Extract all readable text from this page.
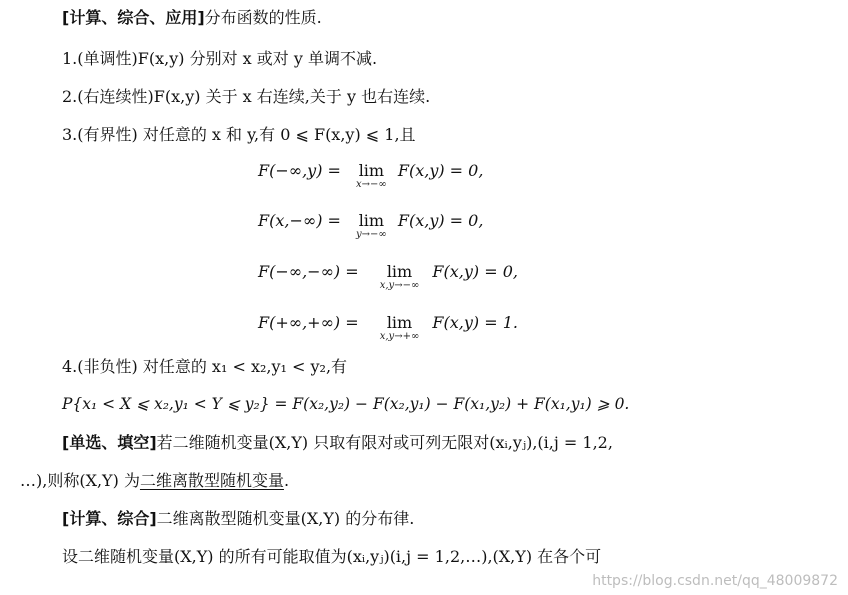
[计算、综合、应用]分布函数的性质.
1.(单调性)F(x,y) 分别对 x 或对 y 单调不减.
2.(右连续性)F(x,y) 关于 x 右连续,关于 y 也右连续.
3.(有界性) 对任意的 x 和 y,有 0 ⩽ F(x,y) ⩽ 1,且
F(−∞,y) = lim
x→−∞
F(x,y) = 0,
F(x,−∞) = lim
y→−∞
F(x,y) = 0,
F(−∞,−∞) =	lim
x,y→−∞
F(x,y) = 0,
F(+∞,+∞) =	lim
x,y→+∞
F(x,y) = 1.
4.(非负性) 对任意的 x₁ < x₂,y₁ < y₂,有
P{x₁ < X ⩽ x₂,y₁ < Y ⩽ y₂} = F(x₂,y₂) − F(x₂,y₁) − F(x₁,y₂) + F(x₁,y₁) ⩾ 0.
[单选、填空]若二维随机变量(X,Y) 只取有限对或可列无限对(xᵢ,yⱼ),(i,j = 1,2,
…),则称(X,Y) 为二维离散型随机变量.
[计算、综合]二维离散型随机变量(X,Y) 的分布律.
设二维随机变量(X,Y) 的所有可能取值为(xᵢ,yⱼ)(i,j = 1,2,…),(X,Y) 在各个可
https://blog.csdn.net/qq_48009872
